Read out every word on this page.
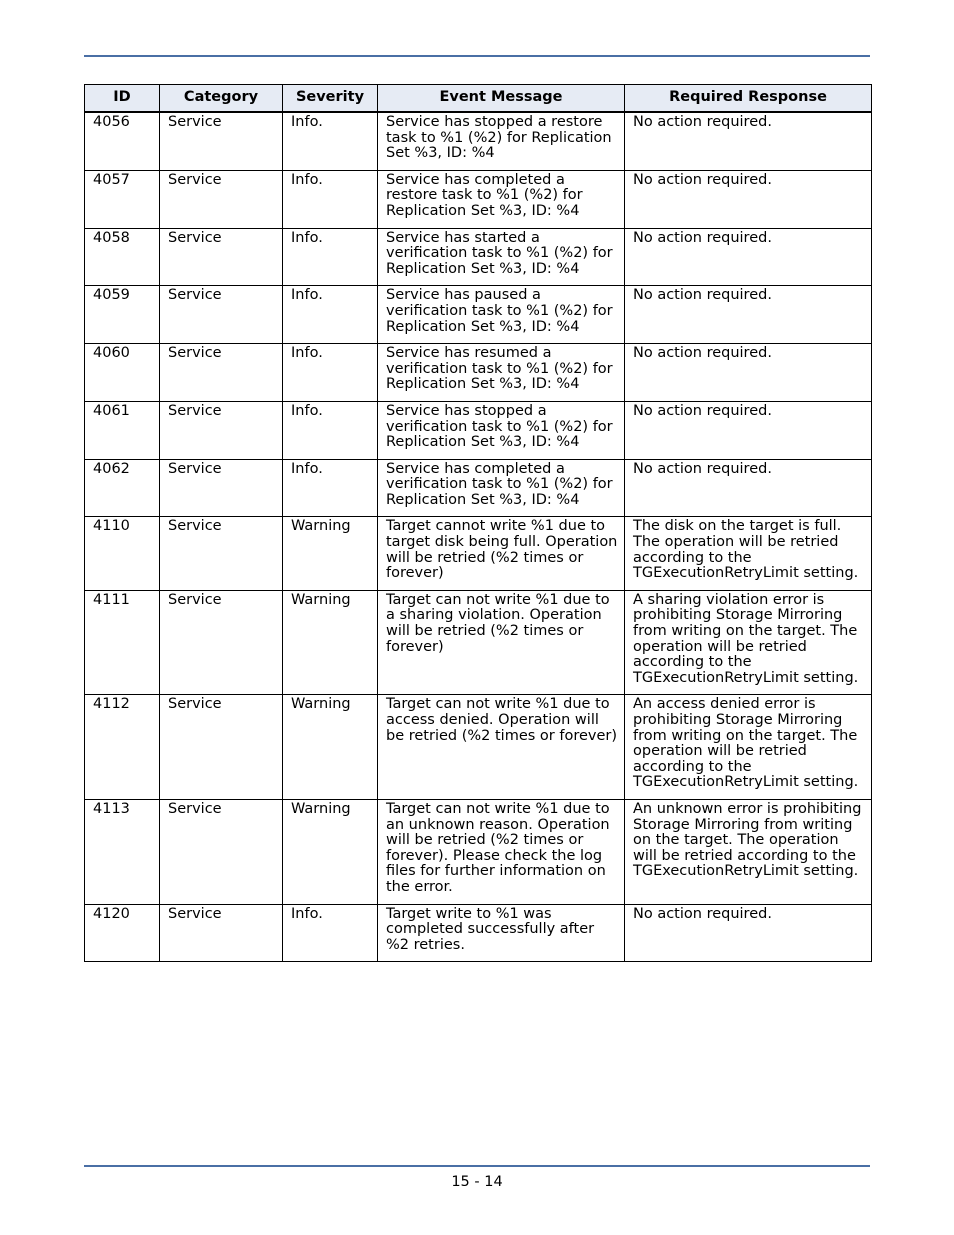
ID	Category	Severity	Event Message	Required Response
4056	Service	Info.	Service has stopped a restore task to %1 (%2) for Replication Set %3, ID: %4	No action required.
4057	Service	Info.	Service has completed a restore task to %1 (%2) for Replication Set %3, ID: %4	No action required.
4058	Service	Info.	Service has started a verification task to %1 (%2) for Replication Set %3, ID: %4	No action required.
4059	Service	Info.	Service has paused a verification task to %1 (%2) for Replication Set %3, ID: %4	No action required.
4060	Service	Info.	Service has resumed a verification task to %1 (%2) for Replication Set %3, ID: %4	No action required.
4061	Service	Info.	Service has stopped a verification task to %1 (%2) for Replication Set %3, ID: %4	No action required.
4062	Service	Info.	Service has completed a verification task to %1 (%2) for Replication Set %3, ID: %4	No action required.
4110	Service	Warning	Target cannot write %1 due to target disk being full. Operation will be retried (%2 times or forever)	The disk on the target is full. The operation will be retried according to the TGExecutionRetryLimit setting.
4111	Service	Warning	Target can not write %1 due to a sharing violation. Operation will be retried (%2 times or forever)	A sharing violation error is prohibiting Storage Mirroring from writing on the target. The operation will be retried according to the TGExecutionRetryLimit setting.
4112	Service	Warning	Target can not write %1 due to access denied. Operation will be retried (%2 times or forever)	An access denied error is prohibiting Storage Mirroring from writing on the target. The operation will be retried according to the TGExecutionRetryLimit setting.
4113	Service	Warning	Target can not write %1 due to an unknown reason. Operation will be retried (%2 times or forever). Please check the log files for further information on the error.	An unknown error is prohibiting Storage Mirroring from writing on the target. The operation will be retried according to the TGExecutionRetryLimit setting.
4120	Service	Info.	Target write to %1 was completed successfully after %2 retries.	No action required.
15 - 14
